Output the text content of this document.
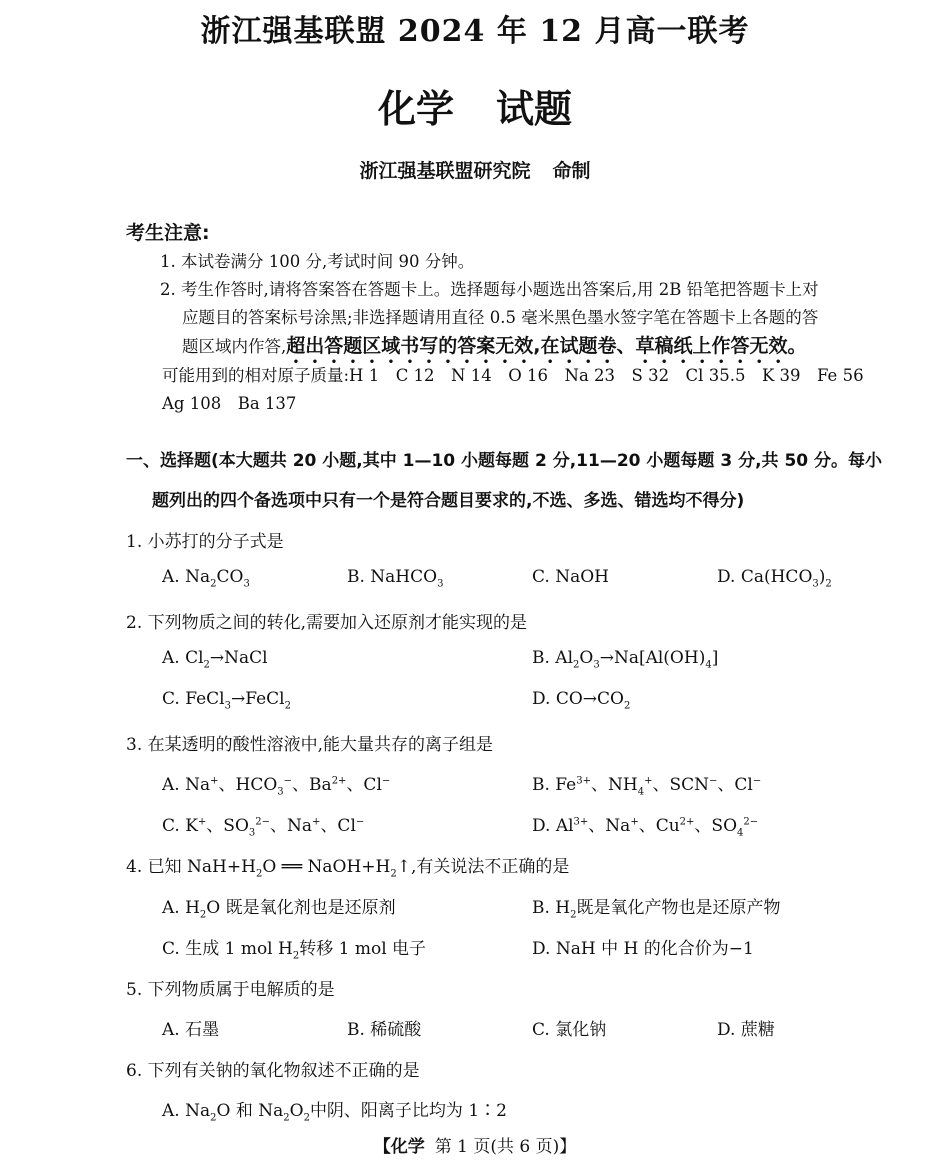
浙江强基联盟 2024 年 12 月高一联考
化学 试题
浙江强基联盟研究院 命制
考生注意:
1. 本试卷满分 100 分,考试时间 90 分钟。
2. 考生作答时,请将答案答在答题卡上。选择题每小题选出答案后,用 2B 铅笔把答题卡上对
应题目的答案标号涂黑;非选择题请用直径 0.5 毫米黑色墨水签字笔在答题卡上各题的答
题区域内作答,超出答题区域书写的答案无效,在试题卷、草稿纸上作答无效。
可能用到的相对原子质量:H 1　C 12　N 14　O 16　Na 23　S 32　Cl 35.5　K 39　Fe 56
Ag 108　Ba 137
一、选择题(本大题共 20 小题,其中 1—10 小题每题 2 分,11—20 小题每题 3 分,共 50 分。每小
题列出的四个备选项中只有一个是符合题目要求的,不选、多选、错选均不得分)
1. 小苏打的分子式是
A. $Na_2CO_3$	B. NaHCO$_3$	C. NaOH	D. $Ca(HCO_3)_2$
2. 下列物质之间的转化,需要加入还原剂才能实现的是
A. $Cl_2\to NaCl$	B. $Al_2O_3\to Na[Al(OH)_4]$
C. FeCl$_3$→FeCl$_2$	D. $CO\to CO_2$
3. 在某透明的酸性溶液中,能大量共存的离子组是
A. Na+、$HCO_3^-$、$Ba^{2+}$、Cl−	B. $Fe^{3+}$、$NH_4^+$、SCN−、Cl−
C. K+、$SO_3^{2-}$、Na+、Cl−	D. $Al^{3+}$、Na+、$Cu^{2+}$、$SO_4^{2-}$
4. 已知 $NaH+H_2O$ ══ $NaOH+H_2↑$,有关说法不正确的是
A. $H_2O$ 既是氧化剂也是还原剂	B. $H_2$既是氧化产物也是还原产物
C. 生成 1 mol $H_2$转移 1 mol 电子	D. NaH 中 H 的化合价为−1
5. 下列物质属于电解质的是
A. 石墨	B. 稀硫酸	C. 氯化钠	D. 蔗糖
6. 下列有关钠的氧化物叙述不正确的是
A. $Na_2O$ 和 $Na_2O_2$中阴、阳离子比均为 1∶2
【化学 第 1 页(共 6 页)】
